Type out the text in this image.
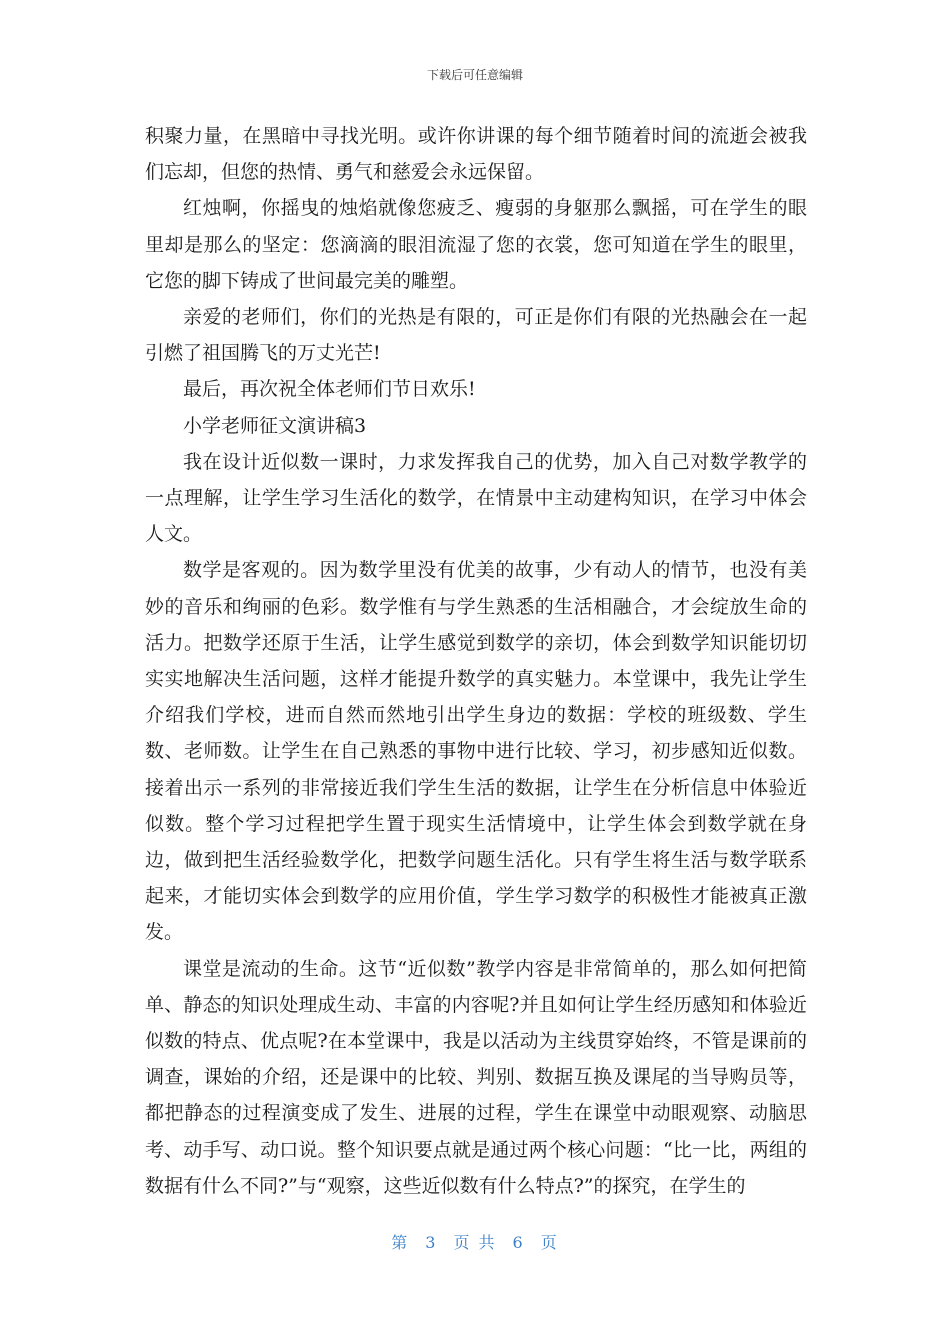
下载后可任意编辑

积聚力量，在黑暗中寻找光明。或许你讲课的每个细节随着时间的流逝会被我们忘却，但您的热情、勇气和慈爱会永远保留。

红烛啊，你摇曳的烛焰就像您疲乏、瘦弱的身躯那么飘摇，可在学生的眼里却是那么的坚定：您滴滴的眼泪流湿了您的衣裳，您可知道在学生的眼里，它您的脚下铸成了世间最完美的雕塑。

亲爱的老师们，你们的光热是有限的，可正是你们有限的光热融会在一起引燃了祖国腾飞的万丈光芒!

最后，再次祝全体老师们节日欢乐!

小学老师征文演讲稿3

我在设计近似数一课时，力求发挥我自己的优势，加入自己对数学教学的一点理解，让学生学习生活化的数学，在情景中主动建构知识，在学习中体会人文。

数学是客观的。因为数学里没有优美的故事，少有动人的情节，也没有美妙的音乐和绚丽的色彩。数学惟有与学生熟悉的生活相融合，才会绽放生命的活力。把数学还原于生活，让学生感觉到数学的亲切，体会到数学知识能切切实实地解决生活问题，这样才能提升数学的真实魅力。本堂课中，我先让学生介绍我们学校，进而自然而然地引出学生身边的数据：学校的班级数、学生数、老师数。让学生在自己熟悉的事物中进行比较、学习，初步感知近似数。接着出示一系列的非常接近我们学生生活的数据，让学生在分析信息中体验近似数。整个学习过程把学生置于现实生活情境中，让学生体会到数学就在身边，做到把生活经验数学化，把数学问题生活化。只有学生将生活与数学联系起来，才能切实体会到数学的应用价值，学生学习数学的积极性才能被真正激发。

课堂是流动的生命。这节“近似数”教学内容是非常简单的，那么如何把简单、静态的知识处理成生动、丰富的内容呢?并且如何让学生经历感知和体验近似数的特点、优点呢?在本堂课中，我是以活动为主线贯穿始终，不管是课前的调查，课始的介绍，还是课中的比较、判别、数据互换及课尾的当导购员等，都把静态的过程演变成了发生、进展的过程，学生在课堂中动眼观察、动脑思考、动手写、动口说。整个知识要点就是通过两个核心问题：“比一比，两组的数据有什么不同?”与“观察，这些近似数有什么特点?”的探究，在学生的

第 3 页 共 6 页
